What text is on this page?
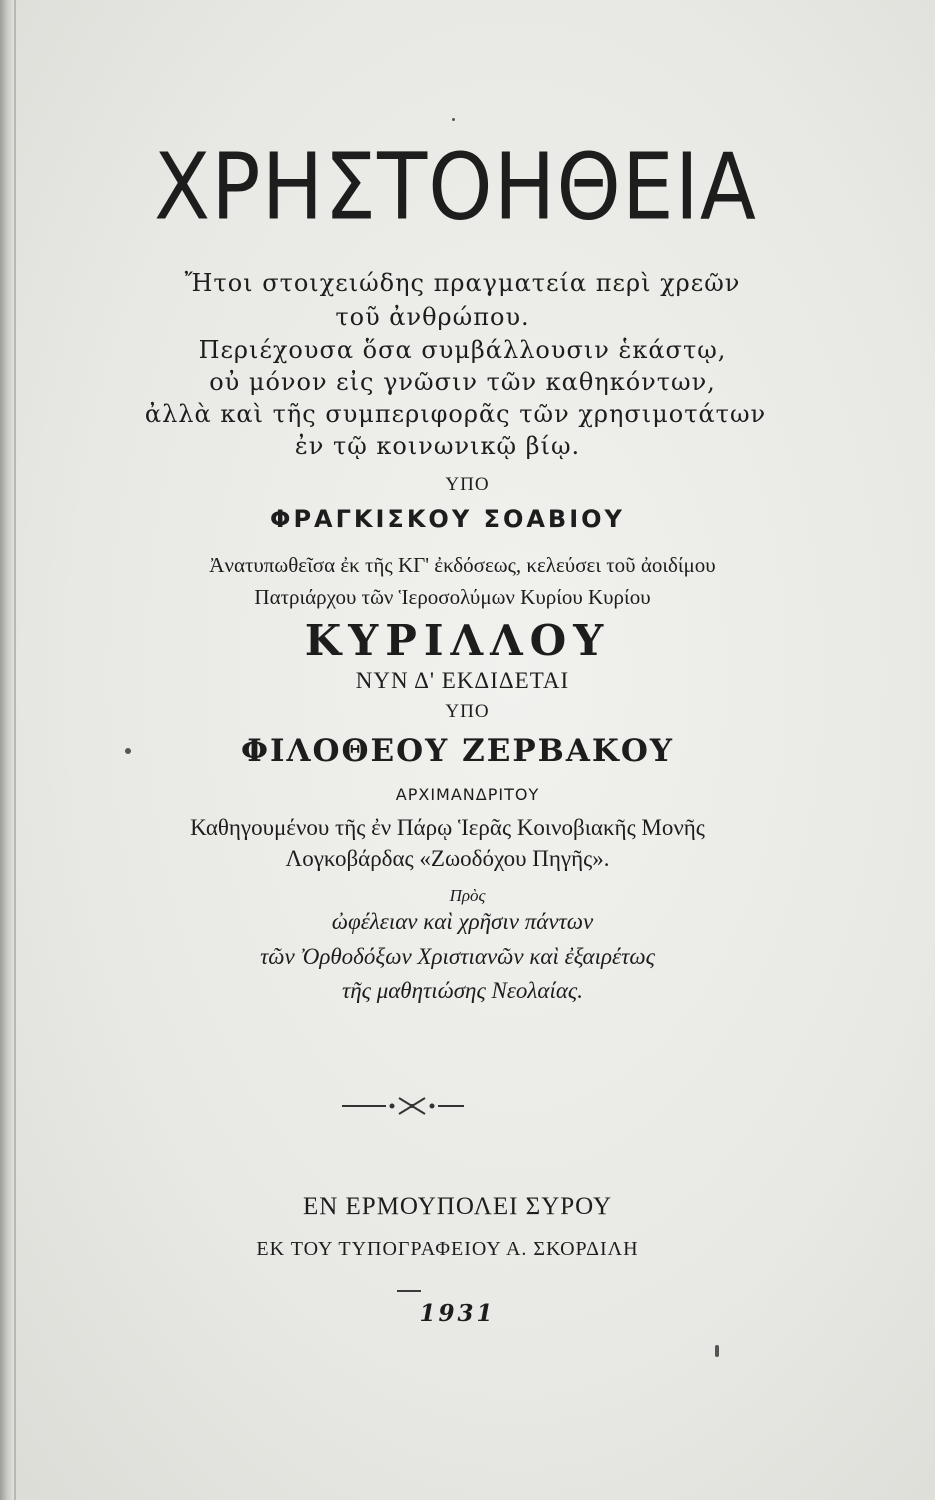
ΧΡΗΣΤΟΗΘΕΙΑ
Ἤτοι στοιχειώδης πραγματεία περὶ χρεῶν
τοῦ ἀνθρώπου.
Περιέχουσα ὅσα συμβάλλουσιν ἑκάστῳ,
οὐ μόνον εἰς γνῶσιν τῶν καθηκόντων,
ἀλλὰ καὶ τῆς συμπεριφορᾶς τῶν χρησιμοτάτων
ἐν τῷ κοινωνικῷ βίῳ.
ΥΠΟ
ΦΡΑΓΚΙΣΚΟΥ ΣΟΑΒΙΟΥ
Ἀνατυπωθεῖσα ἐκ τῆς ΚΓ' ἐκδόσεως, κελεύσει τοῦ ἀοιδίμου
Πατριάρχου τῶν Ἱεροσολύμων Κυρίου Κυρίου
ΚΥΡΙΛΛΟΥ
ΝΥΝ Δ' ΕΚΔΙΔΕΤΑΙ
ΥΠΟ
ΦΙΛΟΘΕΟΥ ΖΕΡΒΑΚΟΥ
ΑΡΧΙΜΑΝΔΡΙΤΟΥ
Καθηγουμένου τῆς ἐν Πάρῳ Ἱερᾶς Κοινοβιακῆς Μονῆς
Λογκοβάρδας «Ζωοδόχου Πηγῆς».
Πρὸς
ὠφέλειαν καὶ χρῆσιν πάντων
τῶν Ὀρθοδόξων Χριστιανῶν καὶ ἐξαιρέτως
τῆς μαθητιώσης Νεολαίας.
ΕΝ ΕΡΜΟΥΠΟΛΕΙ ΣΥΡΟΥ
ΕΚ ΤΟΥ ΤΥΠΟΓΡΑΦΕΙΟΥ Α. ΣΚΟΡΔΙΛΗ
1931
